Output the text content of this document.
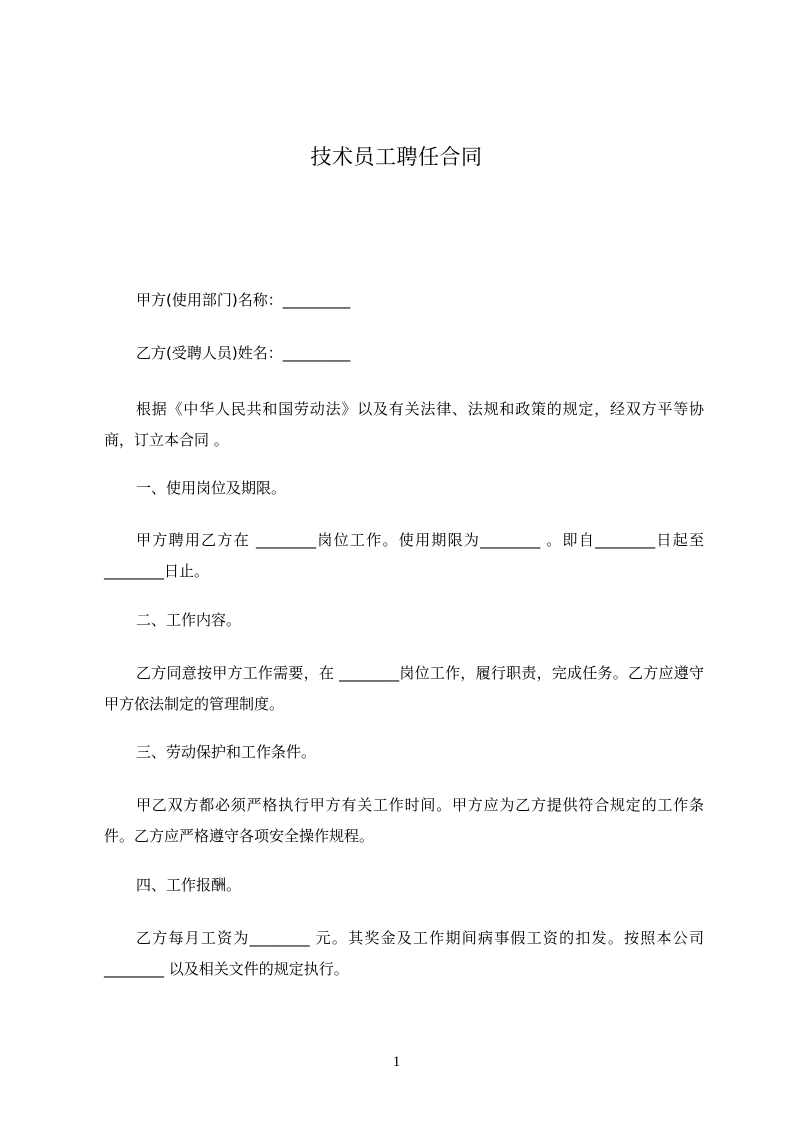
技术员工聘任合同
甲方(使用部门)名称：_________
乙方(受聘人员)姓名：_________
根据《中华人民共和国劳动法》以及有关法律、法规和政策的规定，经双方平等协商，订立本合同 。
一、使用岗位及期限。
甲方聘用乙方在 ________岗位工作。使用期限为________ 。即自________日起至________日止。
二、工作内容。
乙方同意按甲方工作需要，在 ________岗位工作，履行职责，完成任务。乙方应遵守甲方依法制定的管理制度。
三、劳动保护和工作条件。
甲乙双方都必须严格执行甲方有关工作时间。甲方应为乙方提供符合规定的工作条件。乙方应严格遵守各项安全操作规程。
四、工作报酬。
乙方每月工资为________ 元。其奖金及工作期间病事假工资的扣发。按照本公司________ 以及相关文件的规定执行。
1
